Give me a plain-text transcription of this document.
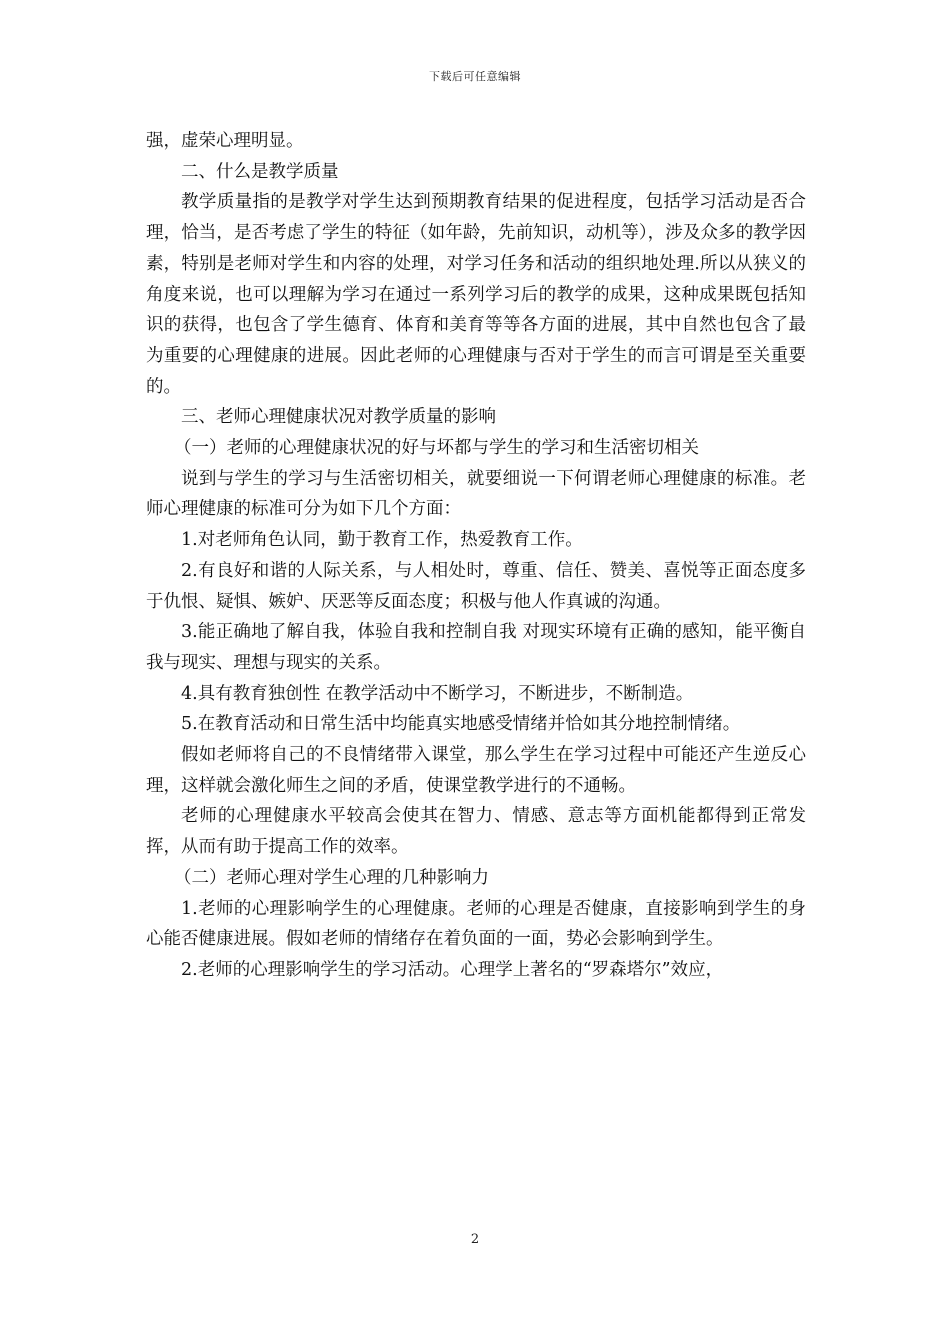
下载后可任意编辑

强，虚荣心理明显。

二、什么是教学质量

教学质量指的是教学对学生达到预期教育结果的促进程度，包括学习活动是否合理，恰当，是否考虑了学生的特征（如年龄，先前知识，动机等），涉及众多的教学因素，特别是老师对学生和内容的处理，对学习任务和活动的组织地处理.所以从狭义的角度来说，也可以理解为学习在通过一系列学习后的教学的成果，这种成果既包括知识的获得，也包含了学生德育、体育和美育等等各方面的进展，其中自然也包含了最为重要的心理健康的进展。因此老师的心理健康与否对于学生的而言可谓是至关重要的。

三、老师心理健康状况对教学质量的影响

（一）老师的心理健康状况的好与坏都与学生的学习和生活密切相关

说到与学生的学习与生活密切相关，就要细说一下何谓老师心理健康的标准。老师心理健康的标准可分为如下几个方面：

1.对老师角色认同，勤于教育工作，热爱教育工作。

2.有良好和谐的人际关系，与人相处时，尊重、信任、赞美、喜悦等正面态度多于仇恨、疑惧、嫉妒、厌恶等反面态度；积极与他人作真诚的沟通。

3.能正确地了解自我，体验自我和控制自我 对现实环境有正确的感知，能平衡自我与现实、理想与现实的关系。

4.具有教育独创性 在教学活动中不断学习，不断进步，不断制造。

5.在教育活动和日常生活中均能真实地感受情绪并恰如其分地控制情绪。

假如老师将自己的不良情绪带入课堂，那么学生在学习过程中可能还产生逆反心理，这样就会激化师生之间的矛盾，使课堂教学进行的不通畅。

老师的心理健康水平较高会使其在智力、情感、意志等方面机能都得到正常发挥，从而有助于提高工作的效率。

（二）老师心理对学生心理的几种影响力

1.老师的心理影响学生的心理健康。老师的心理是否健康，直接影响到学生的身心能否健康进展。假如老师的情绪存在着负面的一面，势必会影响到学生。

2.老师的心理影响学生的学习活动。心理学上著名的“罗森塔尔”效应，

2
